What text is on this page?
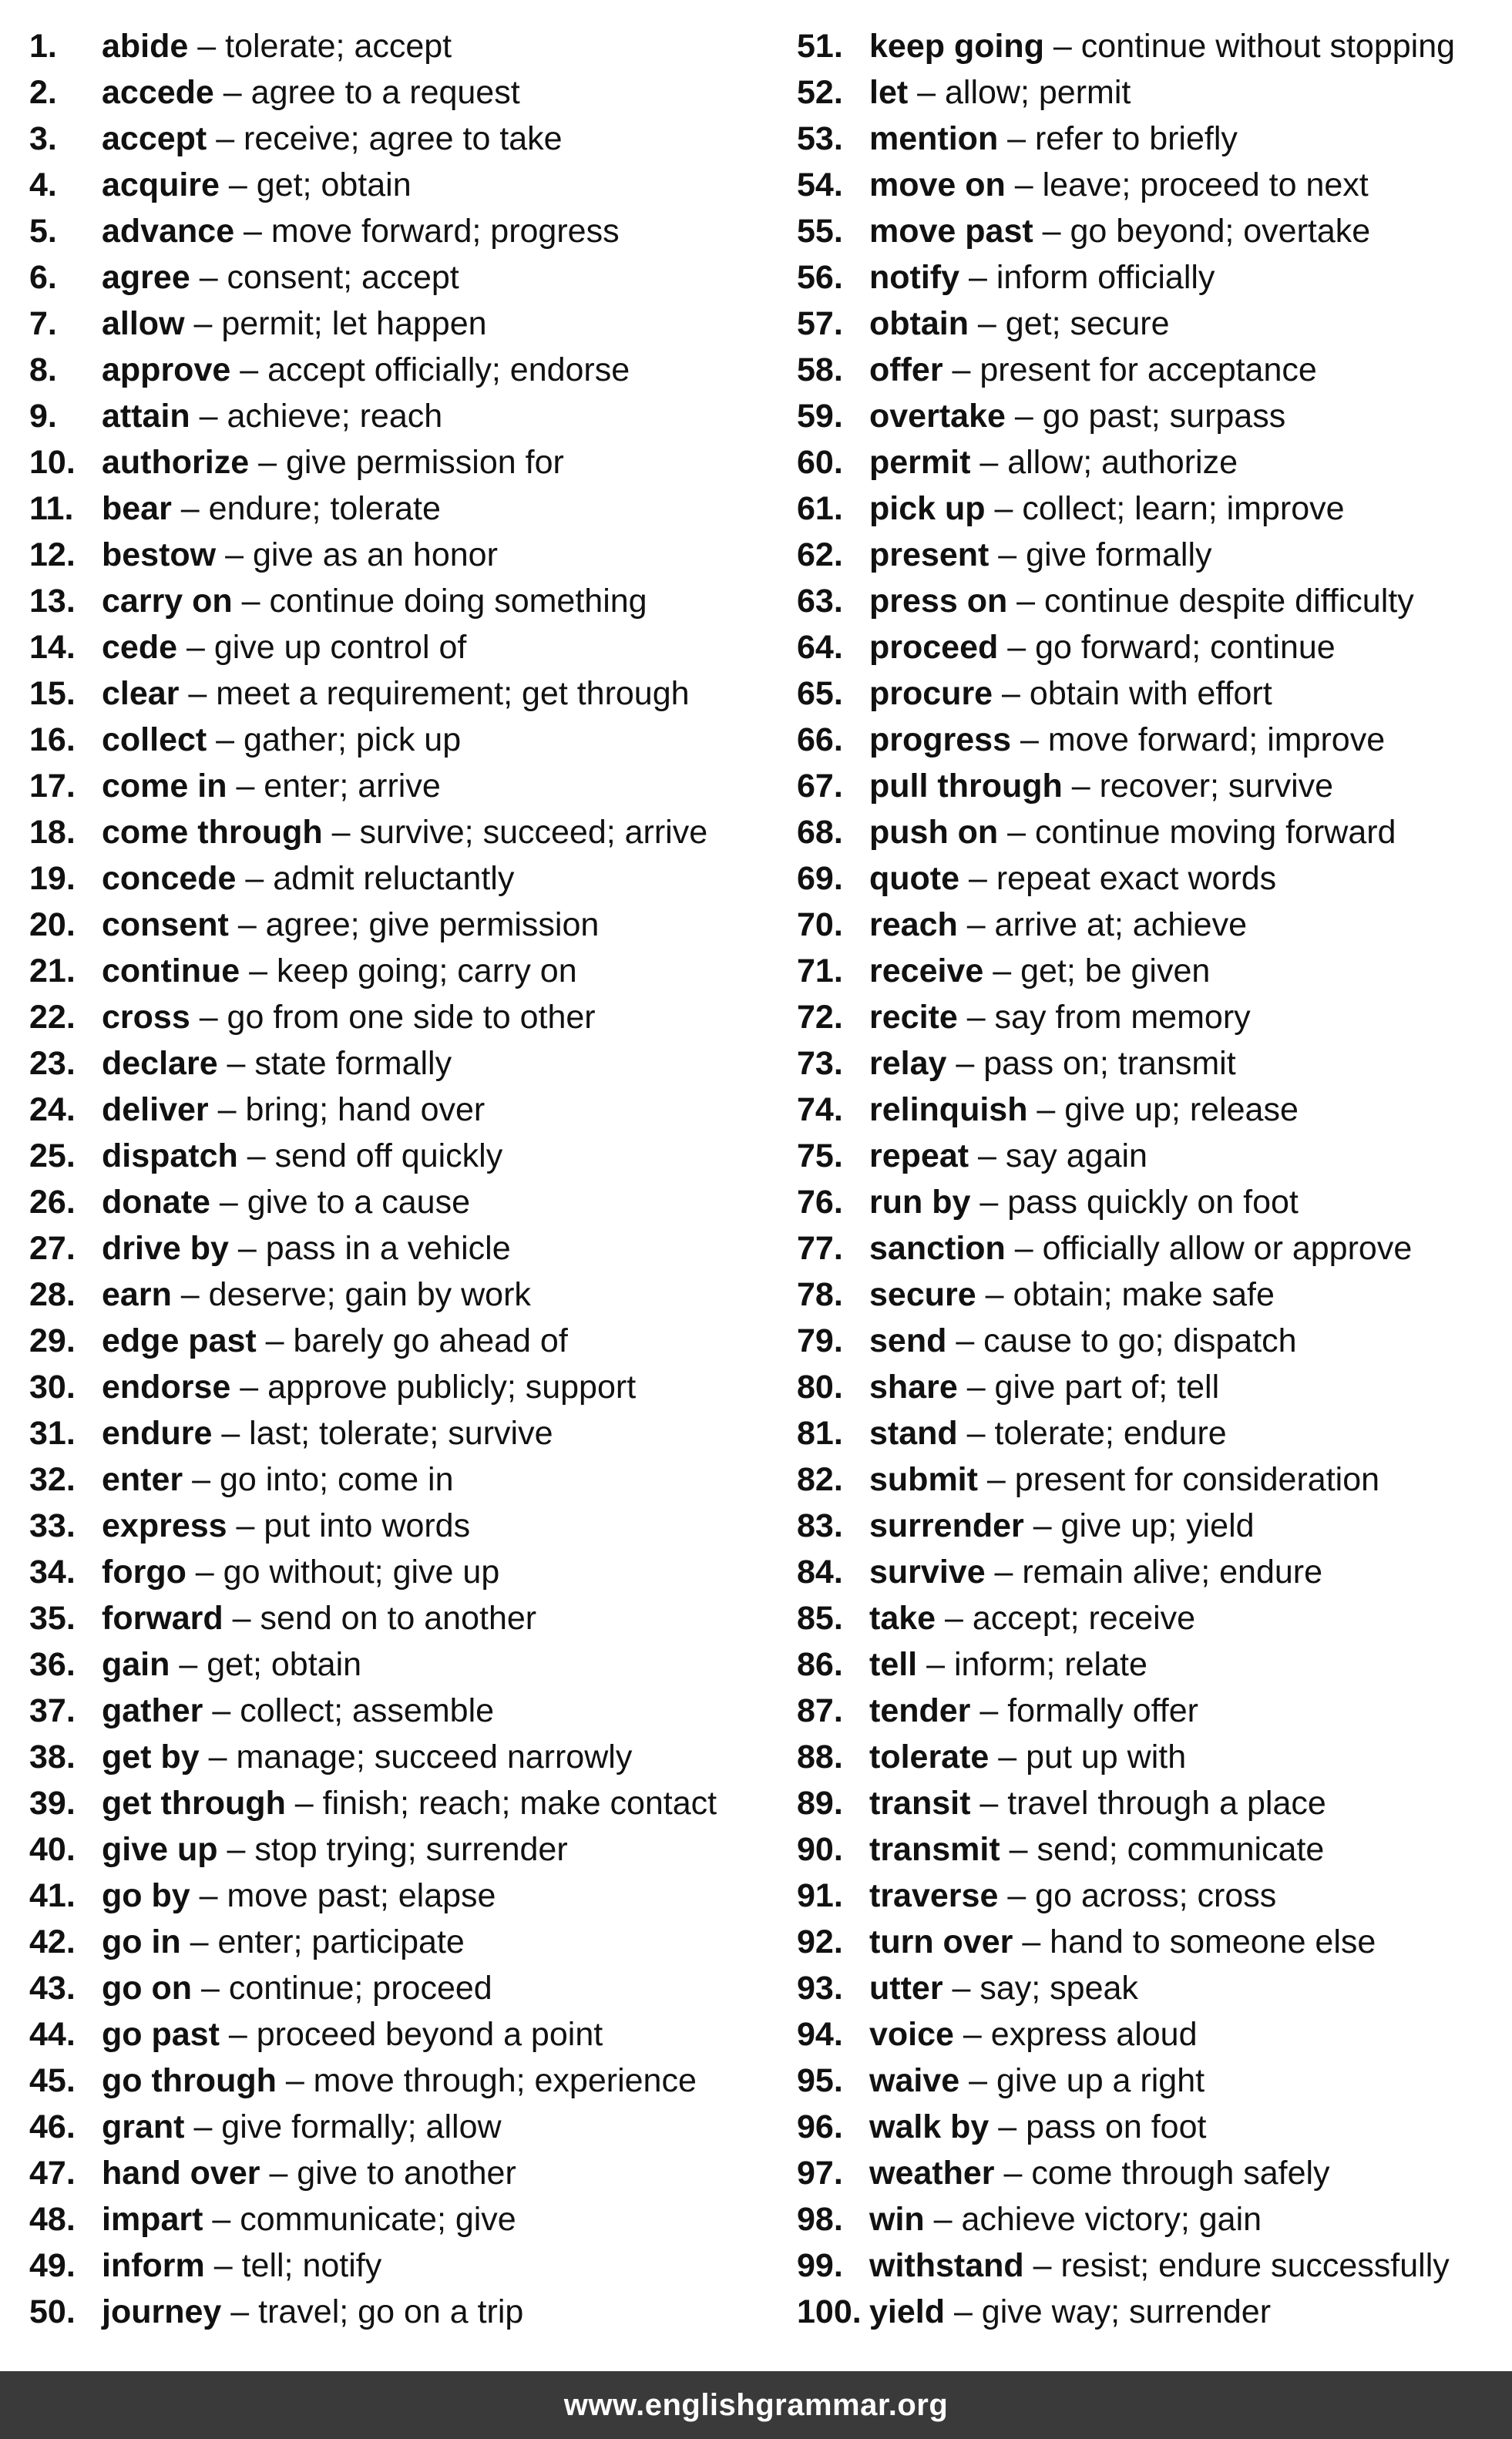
1.	abide – tolerate; accept
2.	accede – agree to a request
3.	accept – receive; agree to take
4.	acquire – get; obtain
5.	advance – move forward; progress
6.	agree – consent; accept
7.	allow – permit; let happen
8.	approve – accept officially; endorse
9.	attain – achieve; reach
10. authorize – give permission for
11. bear – endure; tolerate
12. bestow – give as an honor
13. carry on – continue doing something
14. cede – give up control of
15. clear – meet a requirement; get through
16. collect – gather; pick up
17. come in – enter; arrive
18. come through – survive; succeed; arrive
19. concede – admit reluctantly
20. consent – agree; give permission
21. continue – keep going; carry on
22. cross – go from one side to other
23. declare – state formally
24. deliver – bring; hand over
25. dispatch – send off quickly
26. donate – give to a cause
27. drive by – pass in a vehicle
28. earn – deserve; gain by work
29. edge past – barely go ahead of
30. endorse – approve publicly; support
31. endure – last; tolerate; survive
32. enter – go into; come in
33. express – put into words
34. forgo – go without; give up
35. forward – send on to another
36. gain – get; obtain
37. gather – collect; assemble
38. get by – manage; succeed narrowly
39. get through – finish; reach; make contact
40. give up – stop trying; surrender
41. go by – move past; elapse
42. go in – enter; participate
43. go on – continue; proceed
44. go past – proceed beyond a point
45. go through – move through; experience
46. grant – give formally; allow
47. hand over – give to another
48. impart – communicate; give
49. inform – tell; notify
50. journey – travel; go on a trip
51. keep going – continue without stopping
52. let – allow; permit
53. mention – refer to briefly
54. move on – leave; proceed to next
55. move past – go beyond; overtake
56. notify – inform officially
57. obtain – get; secure
58. offer – present for acceptance
59. overtake – go past; surpass
60. permit – allow; authorize
61. pick up – collect; learn; improve
62. present – give formally
63. press on – continue despite difficulty
64. proceed – go forward; continue
65. procure – obtain with effort
66. progress – move forward; improve
67. pull through – recover; survive
68. push on – continue moving forward
69. quote – repeat exact words
70. reach – arrive at; achieve
71. receive – get; be given
72. recite – say from memory
73. relay – pass on; transmit
74. relinquish – give up; release
75. repeat – say again
76. run by – pass quickly on foot
77. sanction – officially allow or approve
78. secure – obtain; make safe
79. send – cause to go; dispatch
80. share – give part of; tell
81. stand – tolerate; endure
82. submit – present for consideration
83. surrender – give up; yield
84. survive – remain alive; endure
85. take – accept; receive
86. tell – inform; relate
87. tender – formally offer
88. tolerate – put up with
89. transit – travel through a place
90. transmit – send; communicate
91. traverse – go across; cross
92. turn over – hand to someone else
93. utter – say; speak
94. voice – express aloud
95. waive – give up a right
96. walk by – pass on foot
97. weather – come through safely
98. win – achieve victory; gain
99. withstand – resist; endure successfully
100. yield – give way; surrender
www.englishgrammar.org
